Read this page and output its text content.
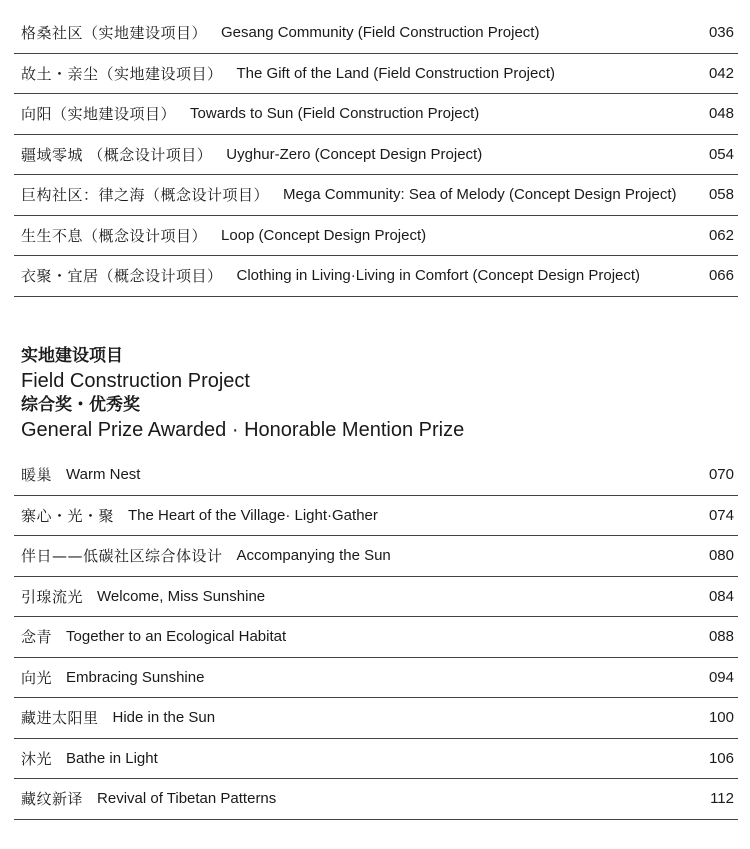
格桑社区（实地建设项目） Gesang Community (Field Construction Project)	036
故土・亲尘（实地建设项目） The Gift of the Land (Field Construction Project)	042
向阳（实地建设项目） Towards to Sun (Field Construction Project)	048
疆域零城 （概念设计项目） Uyghur-Zero (Concept Design Project)	054
巨构社区：律之海（概念设计项目） Mega Community: Sea of Melody (Concept Design Project) 058
生生不息（概念设计项目） Loop (Concept Design Project)	062
衣聚・宜居（概念设计项目） Clothing in Living·Living in Comfort (Concept Design Project)	066
实地建设项目
Field Construction Project
综合奖・优秀奖
General Prize Awarded · Honorable Mention Prize
暖巢 Warm Nest	070
寨心・光・聚 The Heart of the Village· Light·Gather	074
伴日——低碳社区综合体设计 Accompanying the Sun	080
引瑔流光 Welcome, Miss Sunshine	084
念青 Together to an Ecological Habitat	088
向光 Embracing Sunshine	094
藏进太阳里 Hide in the Sun	100
沐光 Bathe in Light	106
藏纹新译 Revival of Tibetan Patterns	112
